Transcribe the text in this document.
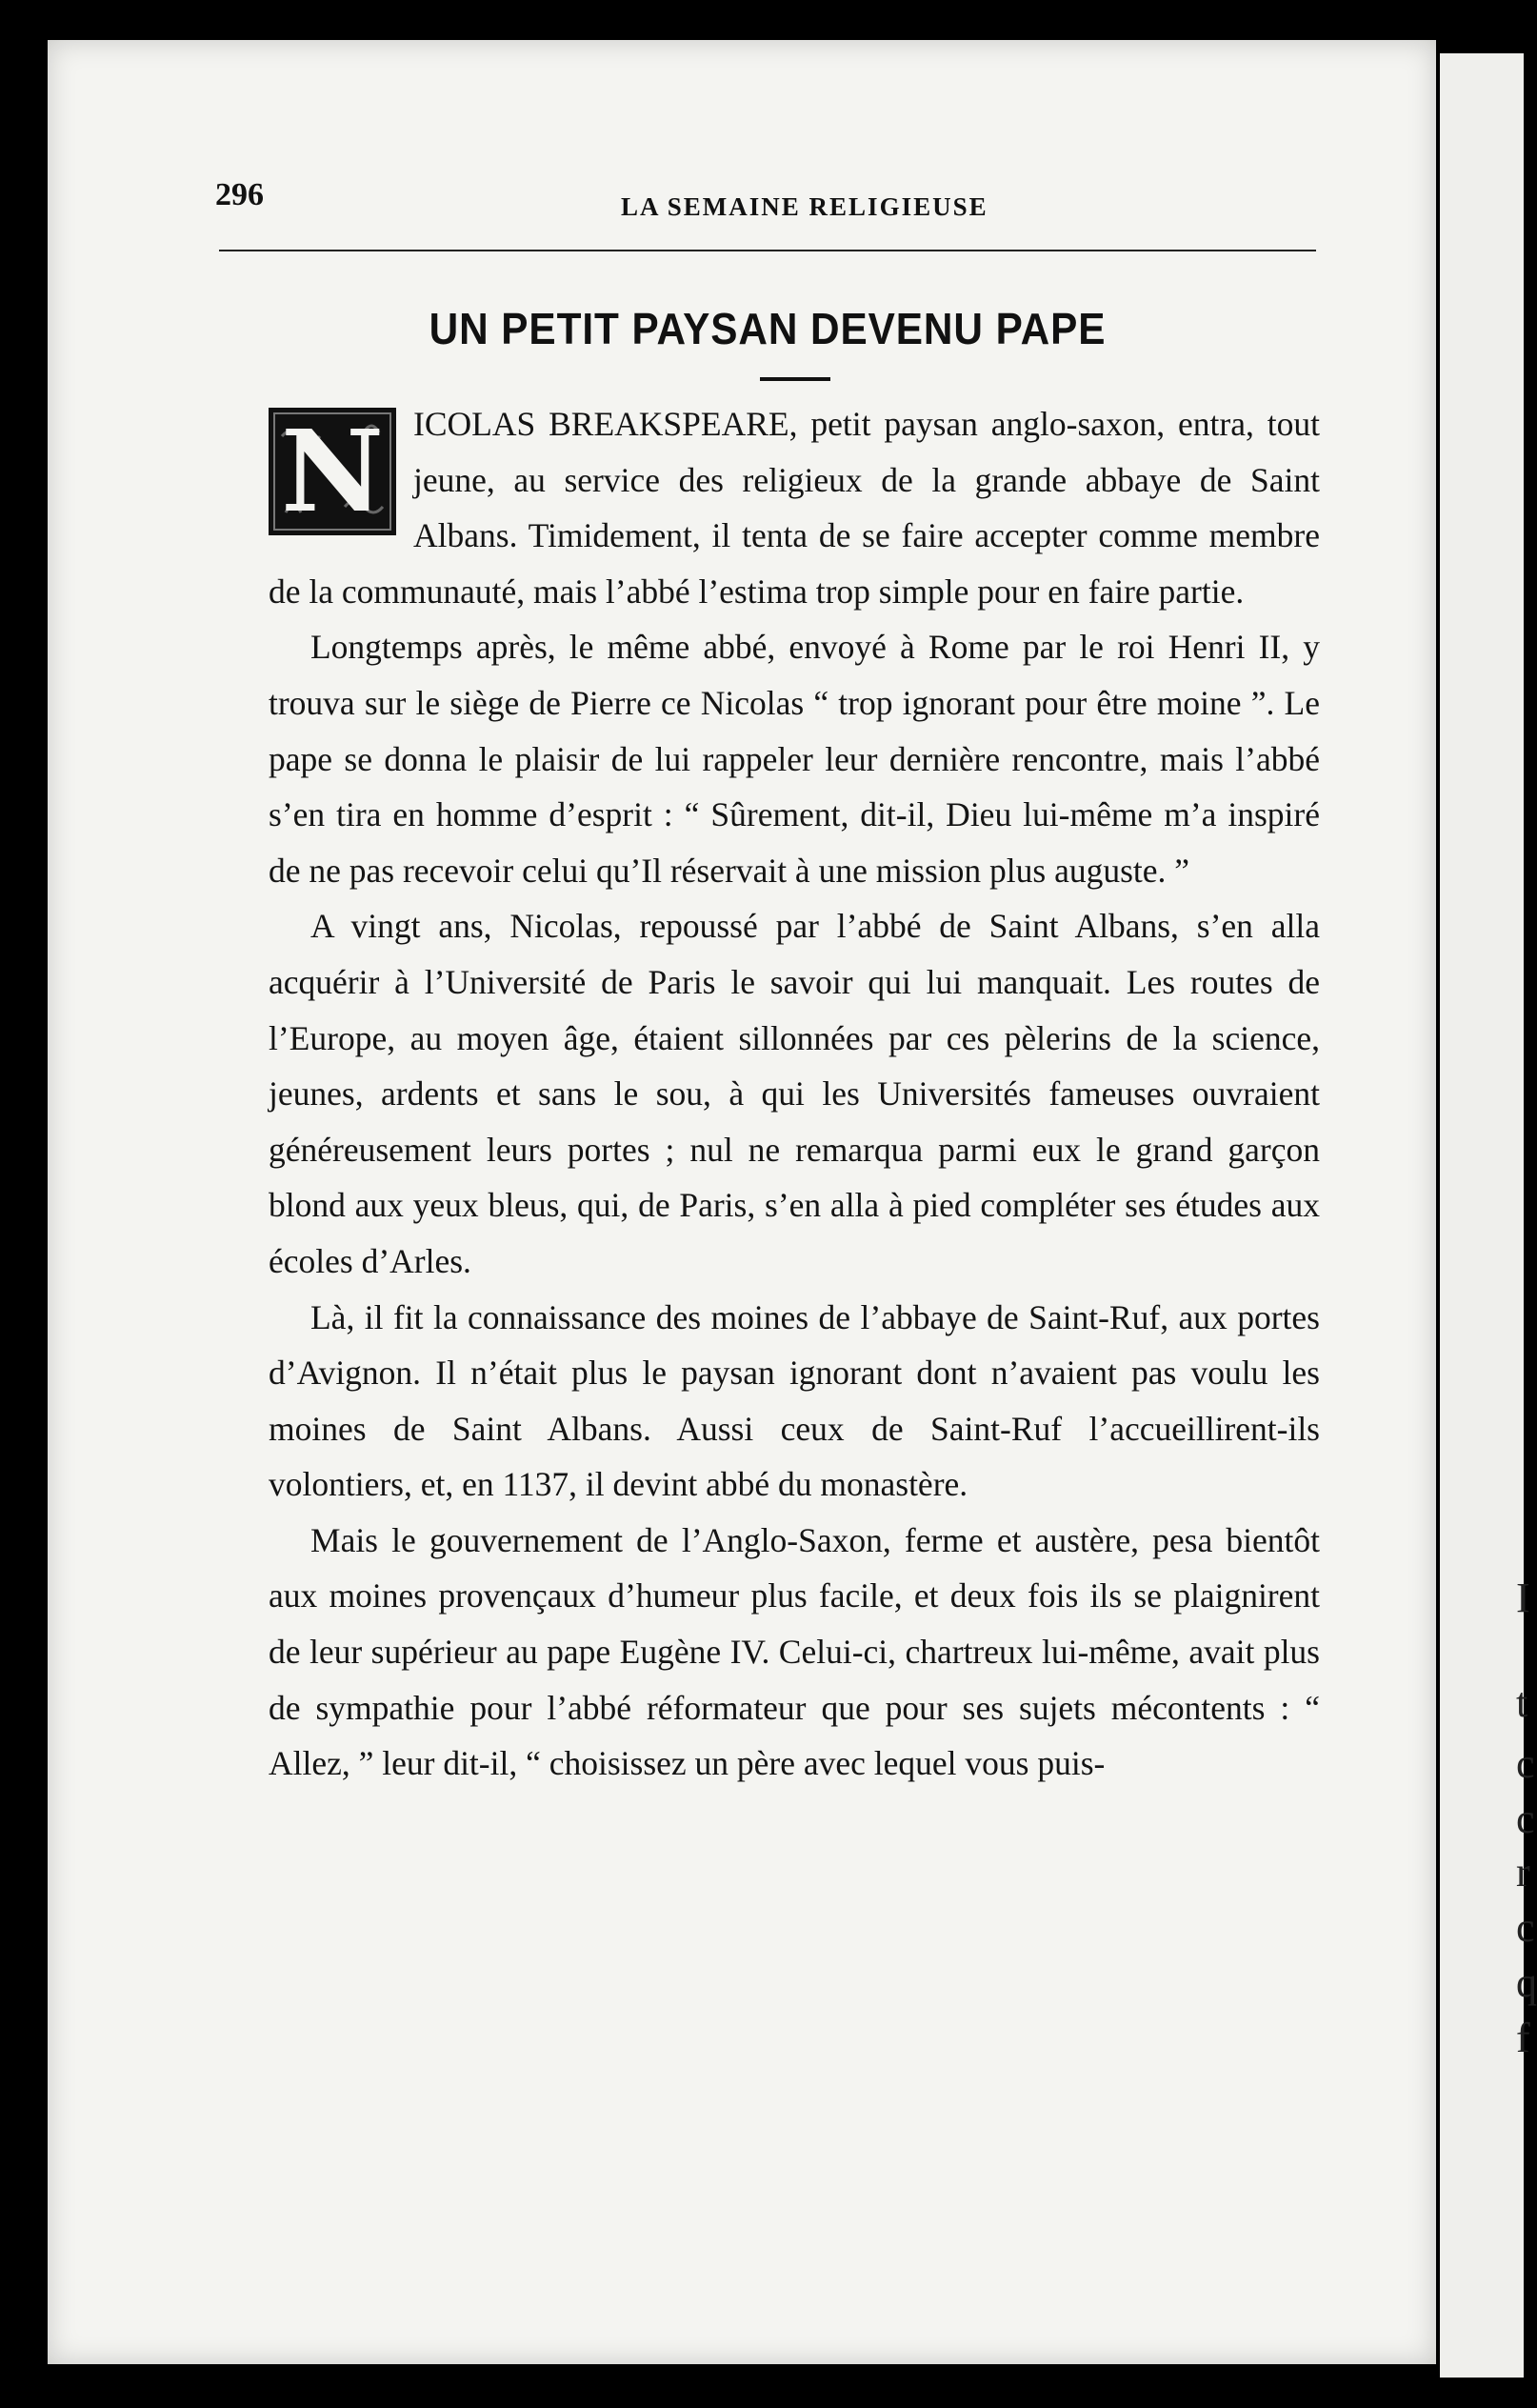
I
t
c
c
r
c
q
f
296	LA SEMAINE RELIGIEUSE
UN PETIT PAYSAN DEVENU PAPE

N ICOLAS BREAKSPEARE, petit paysan anglo-saxon, entra, tout jeune, au service des religieux de la grande abbaye de Saint Albans. Timidement, il tenta de se faire accepter comme membre de la communauté, mais l’abbé l’estima trop simple pour en faire partie.

Longtemps après, le même abbé, envoyé à Rome par le roi Henri II, y trouva sur le siège de Pierre ce Nicolas “ trop ignorant pour être moine ”. Le pape se donna le plaisir de lui rappeler leur dernière rencontre, mais l’abbé s’en tira en homme d’esprit : “ Sûrement, dit-il, Dieu lui-même m’a inspiré de ne pas recevoir celui qu’Il réservait à une mission plus auguste. ”

A vingt ans, Nicolas, repoussé par l’abbé de Saint Albans, s’en alla acquérir à l’Université de Paris le savoir qui lui manquait. Les routes de l’Europe, au moyen âge, étaient sillonnées par ces pèlerins de la science, jeunes, ardents et sans le sou, à qui les Universités fameuses ouvraient généreusement leurs portes ; nul ne remarqua parmi eux le grand garçon blond aux yeux bleus, qui, de Paris, s’en alla à pied compléter ses études aux écoles d’Arles.

Là, il fit la connaissance des moines de l’abbaye de Saint-Ruf, aux portes d’Avignon. Il n’était plus le paysan ignorant dont n’avaient pas voulu les moines de Saint Albans. Aussi ceux de Saint-Ruf l’accueillirent-ils volontiers, et, en 1137, il devint abbé du monastère.

Mais le gouvernement de l’Anglo-Saxon, ferme et austère, pesa bientôt aux moines provençaux d’humeur plus facile, et deux fois ils se plaignirent de leur supérieur au pape Eugène IV. Celui-ci, chartreux lui-même, avait plus de sympathie pour l’abbé réformateur que pour ses sujets mécontents : “ Allez, ” leur dit-il, “ choisissez un père avec lequel vous puis-
